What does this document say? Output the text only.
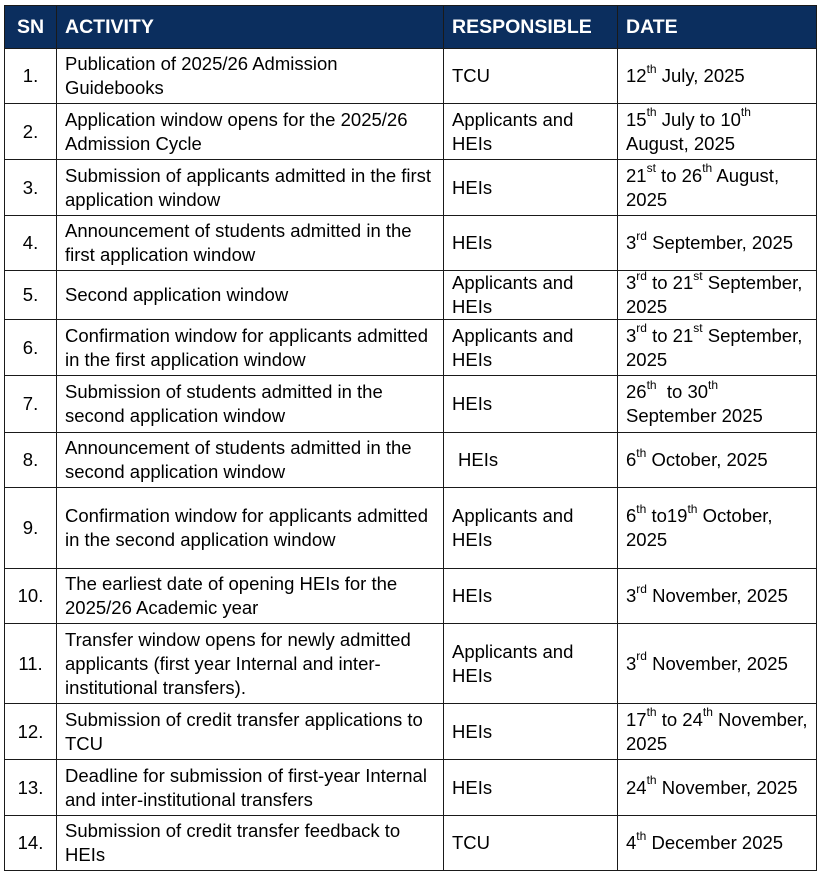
SN	ACTIVITY	RESPONSIBLE	DATE
1.	Publication of 2025/26 Admission Guidebooks	TCU	12th July, 2025
2.	Application window opens for the 2025/26 Admission Cycle	Applicants and HEIs	15th July to 10th August, 2025
3.	Submission of applicants admitted in the first application window	HEIs	21st to 26th August, 2025
4.	Announcement of students admitted in the first application window	HEIs	3rd September, 2025
5.	Second application window	Applicants and HEIs	3rd to 21st September, 2025
6.	Confirmation window for applicants admitted in the first application window	Applicants and HEIs	3rd to 21st September, 2025
7.	Submission of students admitted in the second application window	HEIs	26th  to 30th September 2025
8.	Announcement of students admitted in the second application window	HEIs	6th October, 2025
9.	Confirmation window for applicants admitted in the second application window	Applicants and HEIs	6th to19th October, 2025
10.	The earliest date of opening HEIs for the 2025/26 Academic year	HEIs	3rd November, 2025
11.	Transfer window opens for newly admitted applicants (first year Internal and inter-institutional transfers).	Applicants and HEIs	3rd November, 2025
12.	Submission of credit transfer applications to TCU	HEIs	17th to 24th November, 2025
13.	Deadline for submission of first-year Internal and inter-institutional transfers	HEIs	24th November, 2025
14.	Submission of credit transfer feedback to HEIs	TCU	4th December 2025
